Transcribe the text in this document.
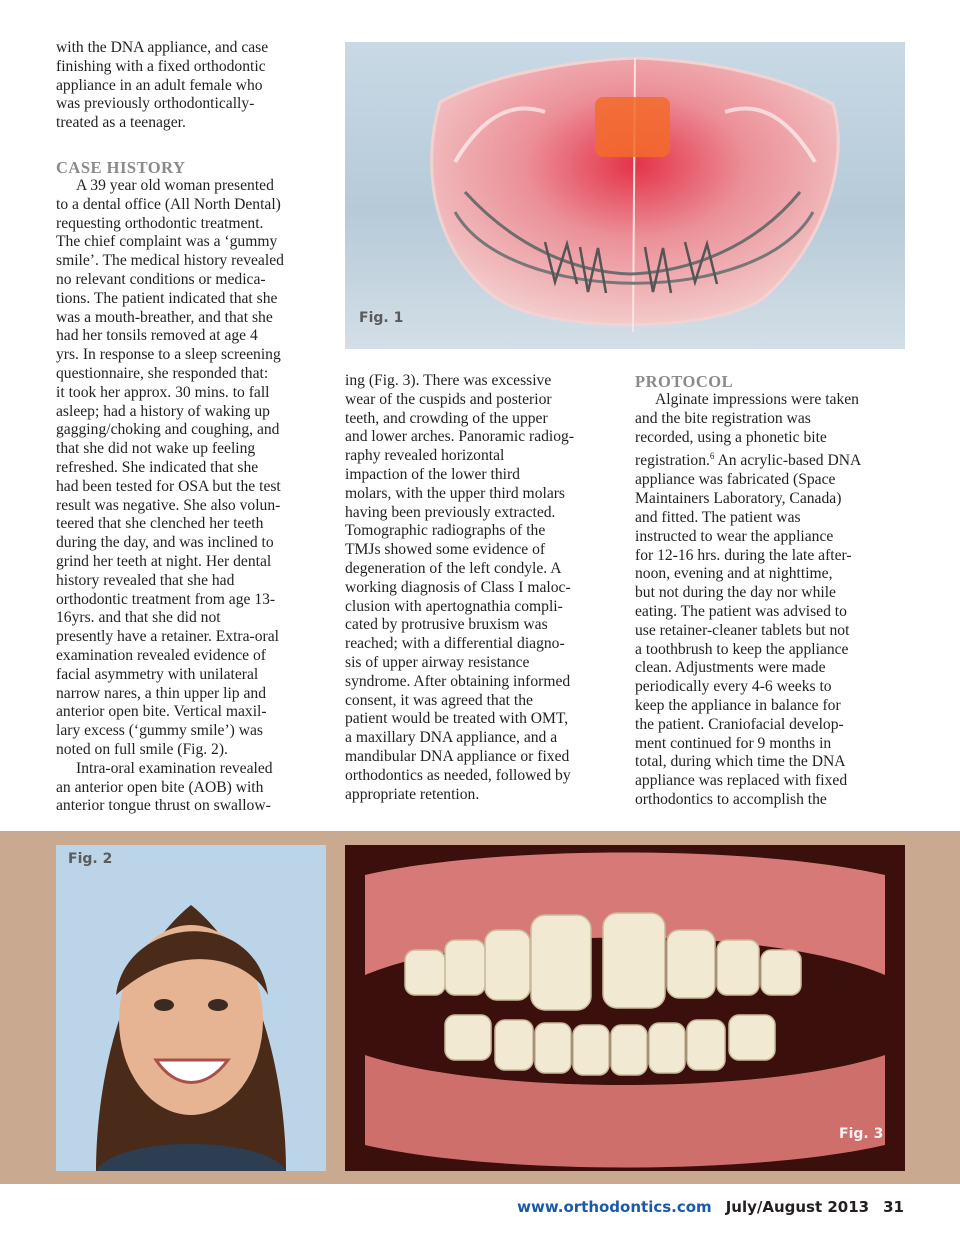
Fig. 1

with the DNA appliance, and case
finishing with a fixed orthodontic
appliance in an adult female who
was previously orthodontically-
treated as a teenager.

CASE HISTORY

A 39 year old woman presented
to a dental office (All North Dental)
requesting orthodontic treatment.
The chief complaint was a ‘gummy
smile’. The medical history revealed
no relevant conditions or medica-
tions. The patient indicated that she
was a mouth-breather, and that she
had her tonsils removed at age 4
yrs. In response to a sleep screening
questionnaire, she responded that:
it took her approx. 30 mins. to fall
asleep; had a history of waking up
gagging/choking and coughing, and
that she did not wake up feeling
refreshed. She indicated that she
had been tested for OSA but the test
result was negative. She also volun-
teered that she clenched her teeth
during the day, and was inclined to
grind her teeth at night. Her dental
history revealed that she had
orthodontic treatment from age 13-
16yrs. and that she did not
presently have a retainer. Extra-oral
examination revealed evidence of
facial asymmetry with unilateral
narrow nares, a thin upper lip and
anterior open bite. Vertical maxil-
lary excess (‘gummy smile’) was
noted on full smile (Fig. 2).

Intra-oral examination revealed
an anterior open bite (AOB) with
anterior tongue thrust on swallow-

ing (Fig. 3). There was excessive
wear of the cuspids and posterior
teeth, and crowding of the upper
and lower arches. Panoramic radiog-
raphy revealed horizontal
impaction of the lower third
molars, with the upper third molars
having been previously extracted.
Tomographic radiographs of the
TMJs showed some evidence of
degeneration of the left condyle. A
working diagnosis of Class I maloc-
clusion with apertognathia compli-
cated by protrusive bruxism was
reached; with a differential diagno-
sis of upper airway resistance
syndrome. After obtaining informed
consent, it was agreed that the
patient would be treated with OMT,
a maxillary DNA appliance, and a
mandibular DNA appliance or fixed
orthodontics as needed, followed by
appropriate retention.

PROTOCOL

Alginate impressions were taken
and the bite registration was
recorded, using a phonetic bite
registration.$^6$ An acrylic-based DNA
appliance was fabricated (Space
Maintainers Laboratory, Canada)
and fitted. The patient was
instructed to wear the appliance
for 12-16 hrs. during the late after-
noon, evening and at nighttime,
but not during the day nor while
eating. The patient was advised to
use retainer-cleaner tablets but not
a toothbrush to keep the appliance
clean. Adjustments were made
periodically every 4-6 weeks to
keep the appliance in balance for
the patient. Craniofacial develop-
ment continued for 9 months in
total, during which time the DNA
appliance was replaced with fixed
orthodontics to accomplish the

Fig. 2
Fig. 3
www.orthodontics.com July/August 2013 31
